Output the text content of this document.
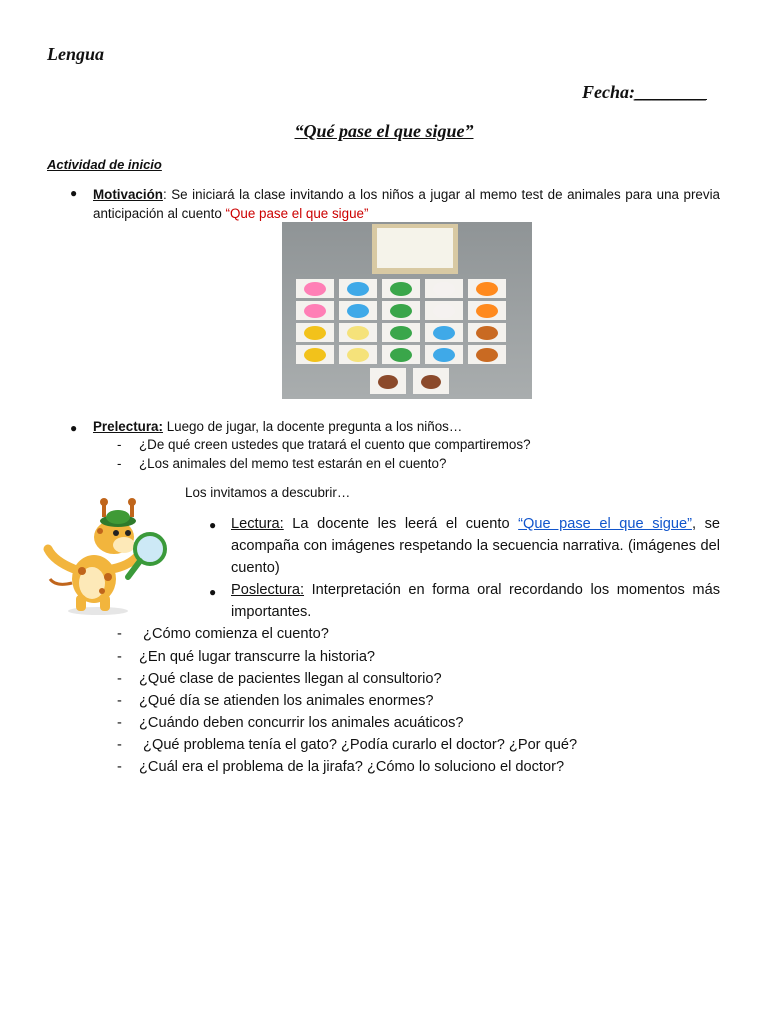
Lengua
Fecha:________
“Qué pase el que sigue”
Actividad de inicio
● Motivación: Se iniciará la clase invitando a los niños a jugar al memo test de animales para una previa anticipación al cuento “Que pase el que sigue”
● Prelectura: Luego de jugar, la docente pregunta a los niños…
- ¿De qué creen ustedes que tratará el cuento que compartiremos?
- ¿Los animales del memo test estarán en el cuento?
Los invitamos a descubrir…
● Lectura: La docente les leerá el cuento “Que pase el que sigue”, se acompaña con imágenes respetando la secuencia narrativa. (imágenes del cuento)
● Poslectura: Interpretación en forma oral recordando los momentos más importantes.
- ¿Cómo comienza el cuento?
- ¿En qué lugar transcurre la historia?
- ¿Qué clase de pacientes llegan al consultorio?
- ¿Qué día se atienden los animales enormes?
- ¿Cuándo deben concurrir los animales acuáticos?
- ¿Qué problema tenía el gato? ¿Podía curarlo el doctor? ¿Por qué?
- ¿Cuál era el problema de la jirafa? ¿Cómo lo soluciono el doctor?
